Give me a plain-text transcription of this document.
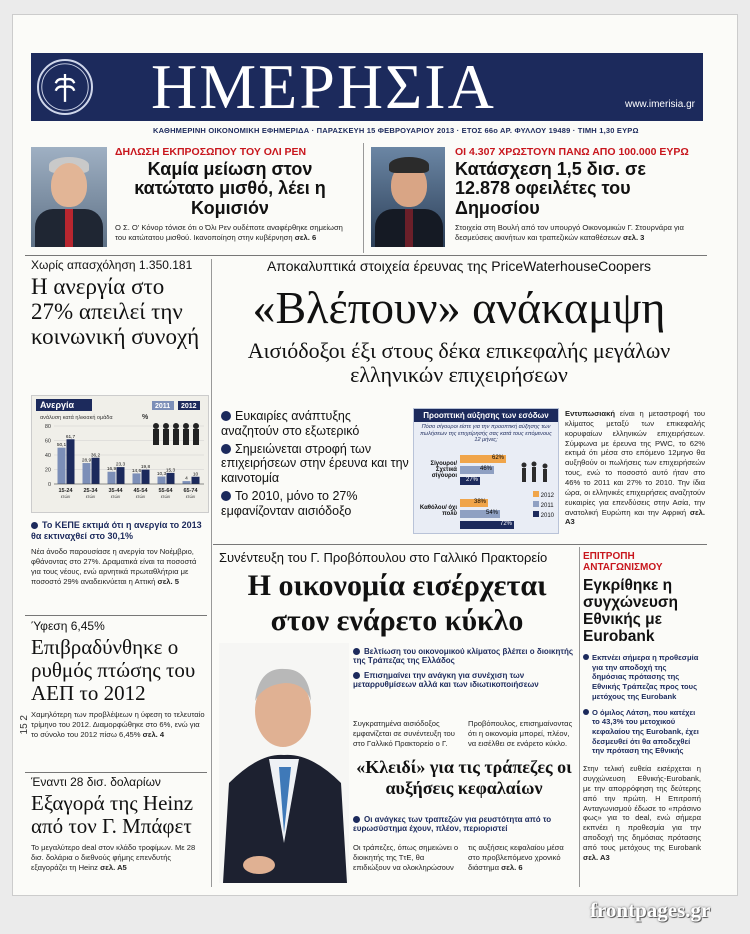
ΗΜΕΡΗΣΙΑ	www.imerisia.gr
ΚΑΘΗΜΕΡΙΝΗ ΟΙΚΟΝΟΜΙΚΗ ΕΦΗΜΕΡΙΔΑ · ΠΑΡΑΣΚΕΥΗ 15 ΦΕΒΡΟΥΑΡΙΟΥ 2013 · ΕΤΟΣ 66ο ΑΡ. ΦΥΛΛΟΥ 19489 · ΤΙΜΗ 1,30 ΕΥΡΩ
ΔΗΛΩΣΗ ΕΚΠΡΟΣΩΠΟΥ ΤΟΥ ΟΛΙ ΡΕΝ
Καμία μείωση στον κατώτατο μισθό, λέει η Κομισιόν
Ο Σ. Ο' Κόνορ τόνισε ότι ο Όλι Ρεν ουδέποτε αναφέρθηκε σημείωση του κατώτατου μισθού. Ικανοποίηση στην κυβέρνηση σελ. 6
ΟΙ 4.307 ΧΡΩΣΤΟΥΝ ΠΑΝΩ ΑΠΟ 100.000 ΕΥΡΩ
Κατάσχεση 1,5 δισ. σε 12.878 οφειλέτες του Δημοσίου
Στοιχεία στη Βουλή από τον υπουργό Οικονομικών Γ. Στουρνάρα για δεσμεύσεις ακινήτων και τραπεζικών καταθέσεων σελ. 3
Χωρίς απασχόληση 1.350.181
Η ανεργία στο 27% απειλεί την κοινωνική συνοχή
Ανεργία
ανάλυση κατά ηλικιακή ομάδα	%
2011 2012
80
60
40
20
0
50,1
61,7
15-24
ετών
28,9
36,2
25-34
ετών
16,9
23,3
35-44
ετών
14,6
19,8
45-54
ετών
10,3
15,3
55-64
ετών
4
10
65-74
ετών
Το ΚΕΠΕ εκτιμά ότι η ανεργία το 2013 θα εκτιναχθεί στο 30,1%
Νέα άνοδο παρουσίασε η ανεργία τον Νοέμβριο, φθάνοντας στο 27%. Δραματικά είναι τα ποσοστά για τους νέους, ενώ αρνητικά πρωταθλήτρια με ποσοστό 29% αναδεικνύεται η Αττική σελ. 5
Ύφεση 6,45%
Επιβραδύνθηκε ο ρυθμός πτώσης του ΑΕΠ το 2012
Χαμηλότερη των προβλέψεων η ύφεση το τελευταίο τρίμηνο του 2012. Διαμορφώθηκε στο 6%, ενώ για το σύνολο του 2012 πίσω 6,45% σελ. 4
Έναντι 28 δισ. δολαρίων
Εξαγορά της Heinz από τον Γ. Μπάφετ
Το μεγαλύτερο deal στον κλάδο τροφίμων. Με 28 δισ. δολάρια ο διεθνούς φήμης επενδυτής εξαγοράζει τη Heinz σελ. Α5
Αποκαλυπτικά στοιχεία έρευνας της PriceWaterhouseCoopers
«Βλέπουν» ανάκαμψη
Αισιόδοξοι έξι στους δέκα επικεφαλής μεγάλων ελληνικών επιχειρήσεων
Ευκαιρίες ανάπτυξης αναζητούν στο εξωτερικό
Σημειώνεται στροφή των επιχειρήσεων στην έρευνα και την καινοτομία
Το 2010, μόνο το 27% εμφανίζονταν αισιόδοξο
Προοπτική αύξησης των εσόδων
Πόσο σίγουροι είστε για την προοπτική αύξησης των πωλήσεων της επιχείρησής σας κατά τους επόμενους 12 μήνες;
Σίγουροι/ Σχετικά σίγουροι
Καθόλου/ όχι πολύ
62%
46%
27%
38%
54%
72%
2012
2011
2010
Εντυπωσιακή είναι η μεταστροφή του κλίματος μεταξύ των επικεφαλής κορυφαίων ελληνικών επιχειρήσεων. Σύμφωνα με έρευνα της PWC, το 62% εκτιμά ότι μέσα στο επόμενο 12μηνο θα αυξηθούν οι πωλήσεις των επιχειρήσεών τους, ενώ το ποσοστό αυτό ήταν στο 46% το 2011 και 27% το 2010. Την ίδια ώρα, οι ελληνικές επιχειρήσεις αναζητούν ευκαιρίες για επενδύσεις στην Ασία, την ανατολική Ευρώπη και την Αφρική σελ. Α3
Συνέντευξη του Γ. Προβόπουλου στο Γαλλικό Πρακτορείο
Η οικονομία εισέρχεται στον ενάρετο κύκλο
Βελτίωση του οικονομικού κλίματος βλέπει ο διοικητής της Τράπεζας της Ελλάδος
Επισημαίνει την ανάγκη για συνέχιση των μεταρρυθμίσεων αλλά και των ιδιωτικοποιήσεων
Συγκρατημένα αισιόδοξος εμφανίζεται σε συνέντευξη του στο Γαλλικό Πρακτορείο ο Γ. Προβόπουλος, επισημαίνοντας ότι η οικονομία μπορεί, πλέον, να εισέλθει σε ενάρετο κύκλο.
«Κλειδί» για τις τράπεζες οι αυξήσεις κεφαλαίων
Οι ανάγκες των τραπεζών για ρευστότητα από το ευρωσύστημα έχουν, πλέον, περιοριστεί
Οι τράπεζες, όπως σημειώνει ο διοικητής της ΤτΕ, θα επιδιώξουν να ολοκληρώσουν τις αυξήσεις κεφαλαίου μέσα στο προβλεπόμενο χρονικό διάστημα σελ. 6
ΕΠΙΤΡΟΠΗ ΑΝΤΑΓΩΝΙΣΜΟΥ
Εγκρίθηκε η συγχώνευση Εθνικής με Eurobank
Εκπνέει σήμερα η προθεσμία για την αποδοχή της δημόσιας πρότασης της Εθνικής Τράπεζας προς τους μετόχους της Eurobank
Ο όμιλος Λάτση, που κατέχει το 43,3% του μετοχικού κεφαλαίου της Eurobank, έχει δεσμευθεί ότι θα αποδεχθεί την πρόταση της Εθνικής
Στην τελική ευθεία εισέρχεται η συγχώνευση Εθνικής-Eurobank, με την απορρόφηση της δεύτερης από την πρώτη. Η Επιτροπή Ανταγωνισμού έδωσε το «πράσινο φως» για το deal, ενώ σήμερα εκπνέει η προθεσμία για την αποδοχή της δημόσιας πρότασης από τους μετόχους της Eurobank σελ. Α3
15 2
frontpages.gr
